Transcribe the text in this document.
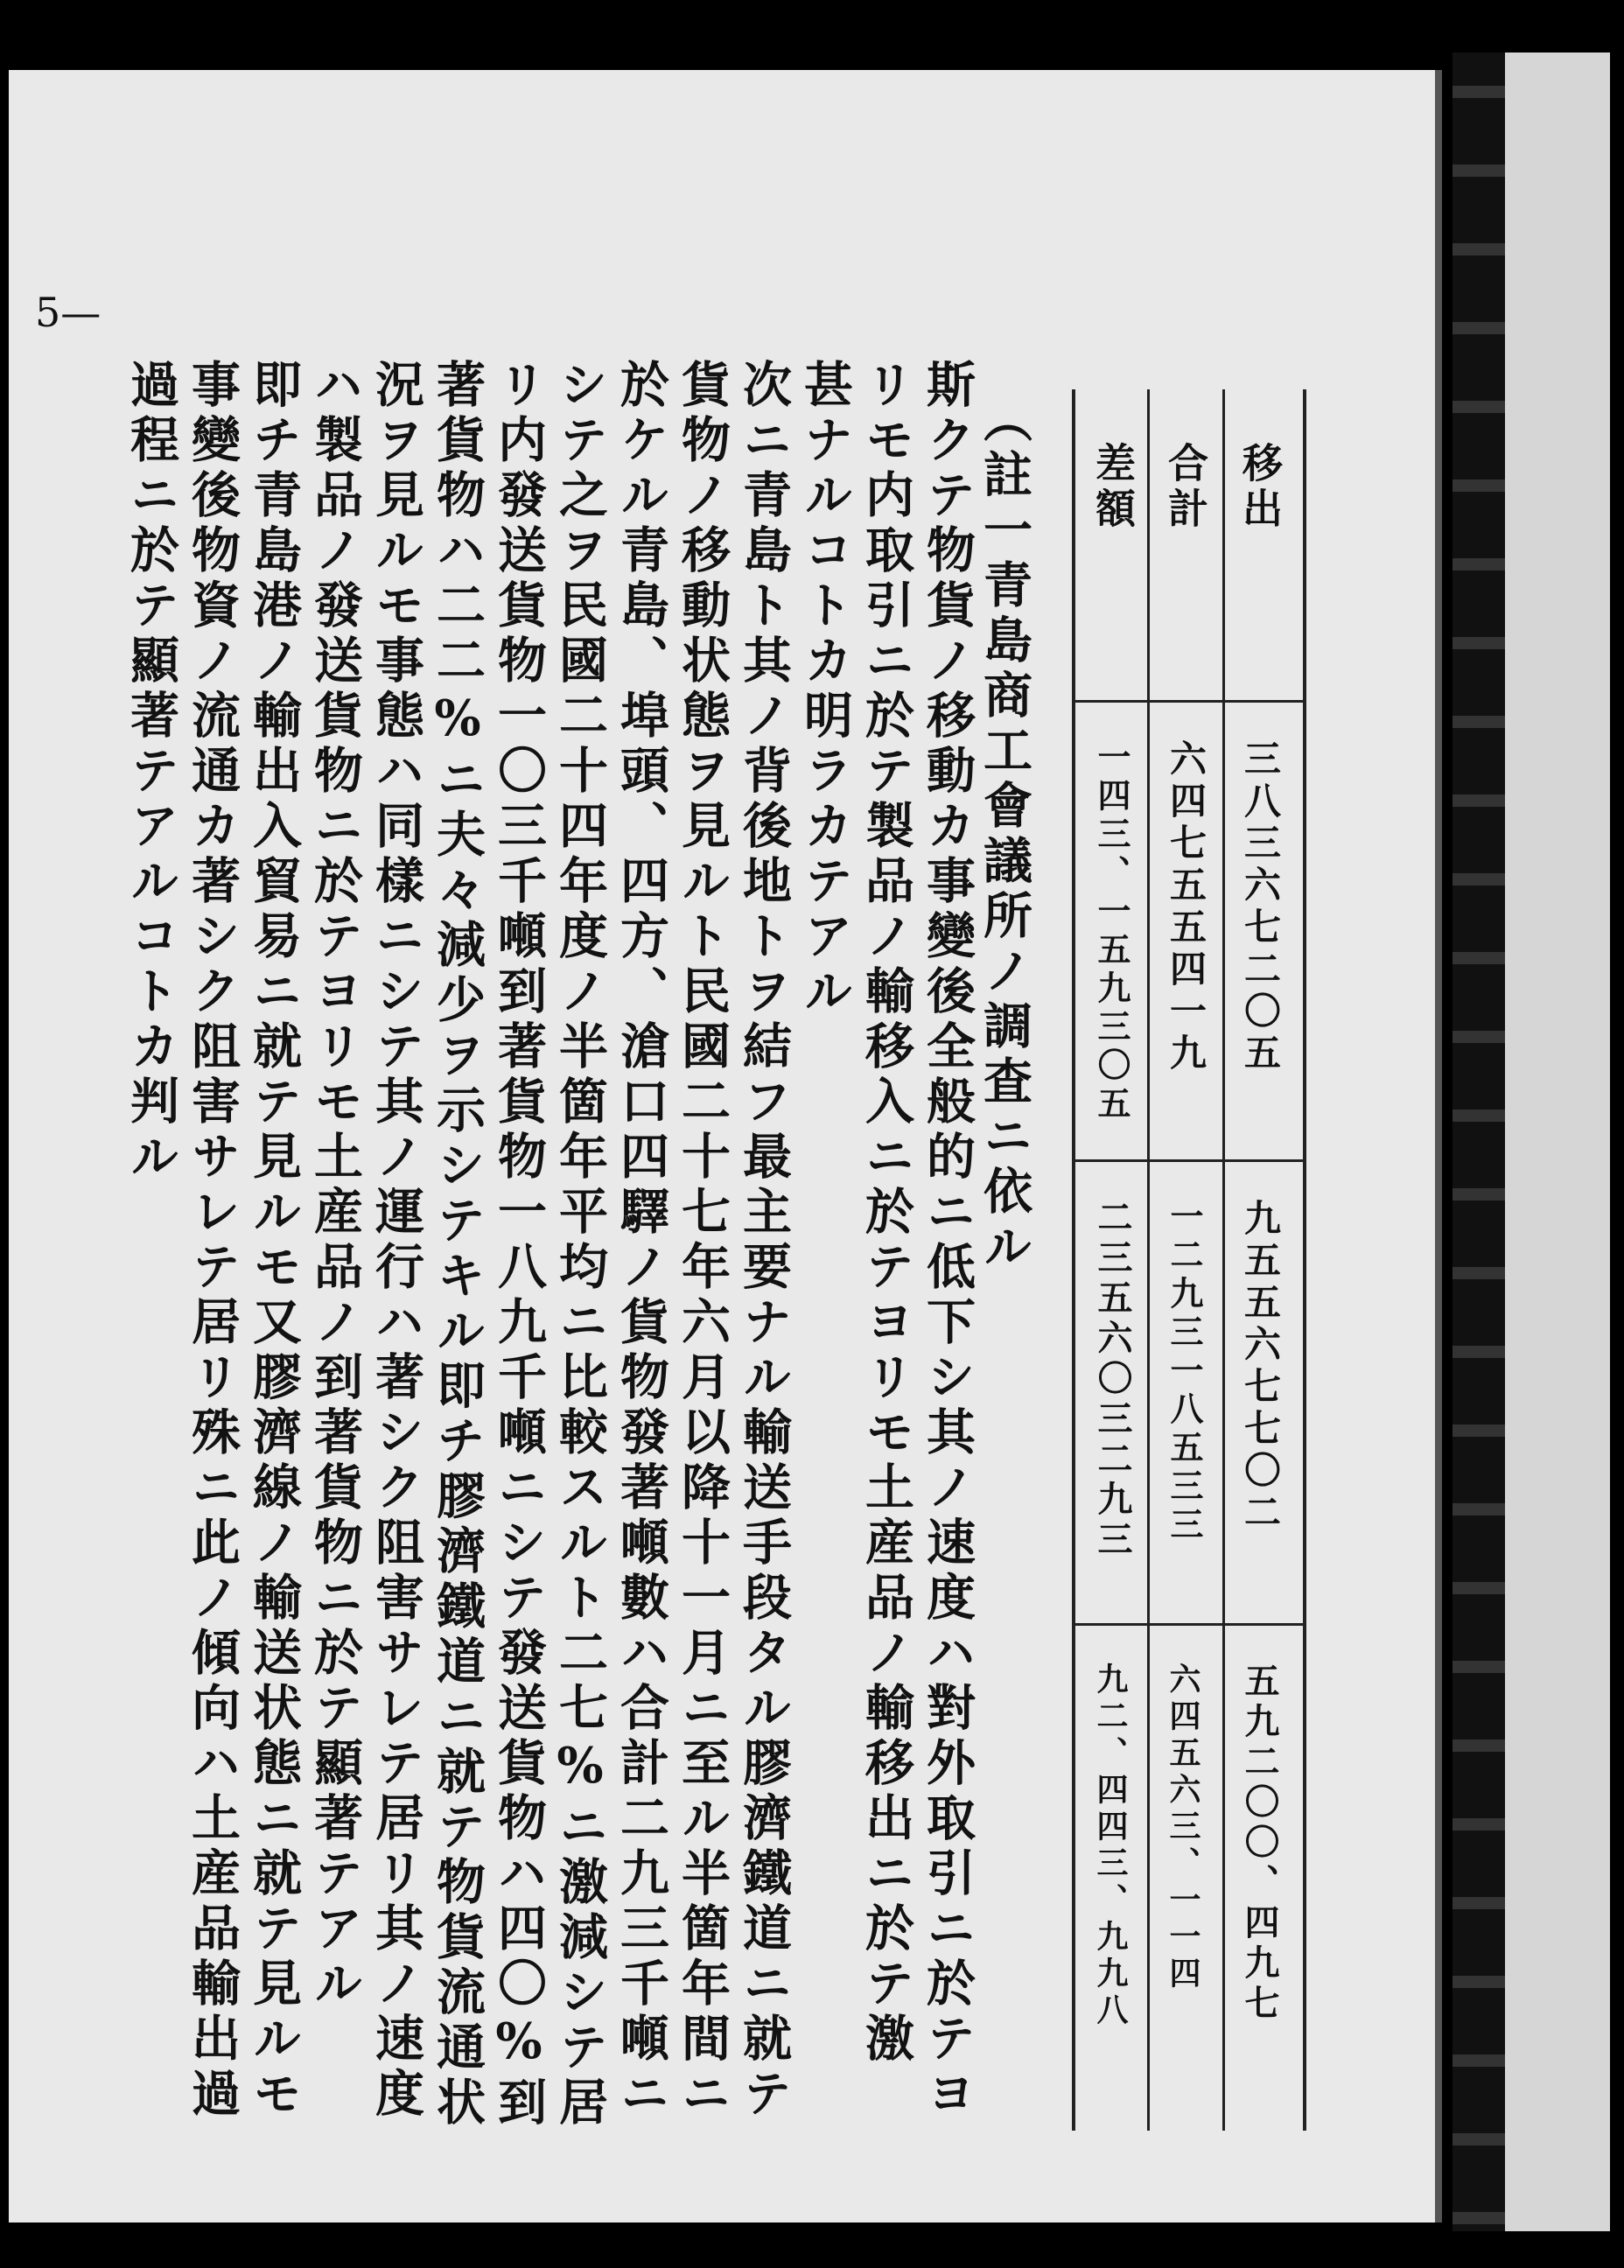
5—
移出
合計
差額
三八三六七二〇五
六四七五五四一九
一四三、一五九三〇五
九五五六七七〇二
一二九三一八五三三
二三五六〇三二九三
五九二〇〇、四九七
六四五六三、一一四
九二、四四三、九九八
（註一青島商工會議所ノ調査ニ依ル
斯クテ物貨ノ移動カ事變後全般的ニ低下シ其ノ速度ハ對外取引ニ於テヨ
リモ内取引ニ於テ製品ノ輸移入ニ於テヨリモ土産品ノ輸移出ニ於テ激
甚ナルコトカ明ラカテアル
次ニ青島ト其ノ背後地トヲ結フ最主要ナル輸送手段タル膠濟鐵道ニ就テ
貨物ノ移動状態ヲ見ルト民國二十七年六月以降十一月ニ至ル半箇年間ニ
於ケル青島、埠頭、四方、滄口四驛ノ貨物發著噸數ハ合計二九三千噸ニ
シテ之ヲ民國二十四年度ノ半箇年平均ニ比較スルト二七%ニ激減シテ居
リ内發送貨物一〇三千噸到著貨物一八九千噸ニシテ發送貨物ハ四〇%到
著貨物ハ二二%ニ夫々減少ヲ示シテキル即チ膠濟鐵道ニ就テ物貨流通状
況ヲ見ルモ事態ハ同樣ニシテ其ノ運行ハ著シク阻害サレテ居リ其ノ速度
ハ製品ノ發送貨物ニ於テヨリモ土産品ノ到著貨物ニ於テ顯著テアル
即チ青島港ノ輸出入貿易ニ就テ見ルモ又膠濟線ノ輸送状態ニ就テ見ルモ
事變後物資ノ流通カ著シク阻害サレテ居リ殊ニ此ノ傾向ハ土産品輸出過
過程ニ於テ顯著テアルコトカ判ル
